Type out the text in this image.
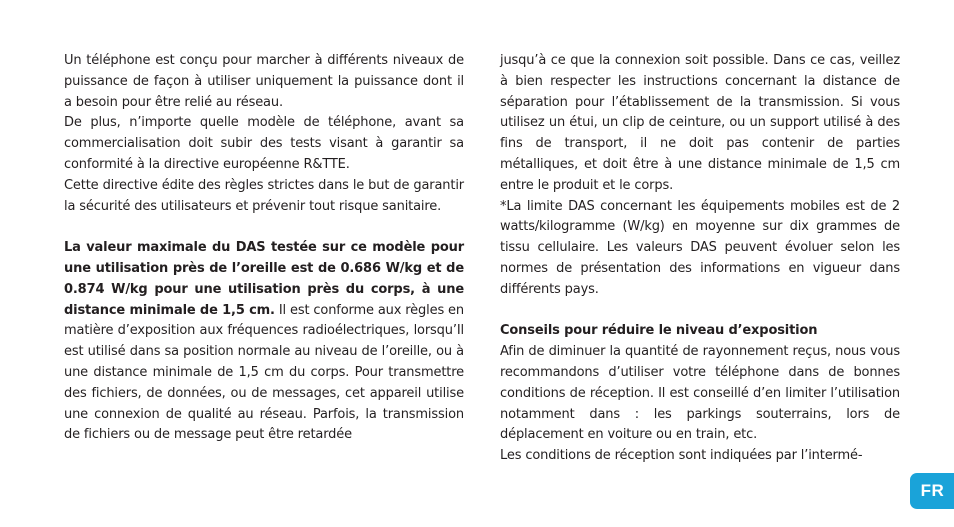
Un téléphone est conçu pour marcher à différents niveaux de puissance de façon à utiliser uniquement la puissance dont il a besoin pour être relié au réseau.

De plus, n’importe quelle modèle de téléphone, avant sa commercialisation doit subir des tests visant à garantir sa conformité à la directive européenne R&TTE.

Cette directive édite des règles strictes dans le but de garantir la sécurité des utilisateurs et prévenir tout risque sanitaire.

La valeur maximale du DAS testée sur ce modèle pour une utilisation près de l’oreille est de 0.686 W/kg et de 0.874 W/kg pour une utilisation près du corps, à une distance minimale de 1,5 cm. Il est conforme aux règles en matière d’exposition aux fréquences radioélectriques, lorsqu’Il est utilisé dans sa position normale au niveau de l’oreille, ou à une distance minimale de 1,5 cm du corps. Pour transmettre des fichiers, de données, ou de messages, cet appareil utilise une connexion de qualité au réseau. Parfois, la transmission de fichiers ou de message peut être retardée

jusqu’à ce que la connexion soit possible. Dans ce cas, veillez à bien respecter les instructions concernant la distance de séparation pour l’établissement de la transmission. Si vous utilisez un étui, un clip de ceinture, ou un support utilisé à des fins de transport, il ne doit pas contenir de parties métalliques, et doit être à une distance minimale de 1,5 cm entre le produit et le corps.

*La limite DAS concernant les équipements mobiles est de 2 watts/kilogramme (W/kg) en moyenne sur dix grammes de tissu cellulaire. Les valeurs DAS peuvent évoluer selon les normes de présentation des informations en vigueur dans différents pays.

Conseils pour réduire le niveau d’exposition

Afin de diminuer la quantité de rayonnement reçus, nous vous recommandons d’utiliser votre téléphone dans de bonnes conditions de réception. Il est conseillé d’en limiter l’utilisation notamment dans : les parkings souterrains, lors de déplacement en voiture ou en train, etc.

Les conditions de réception sont indiquées par l’intermé-

FR
